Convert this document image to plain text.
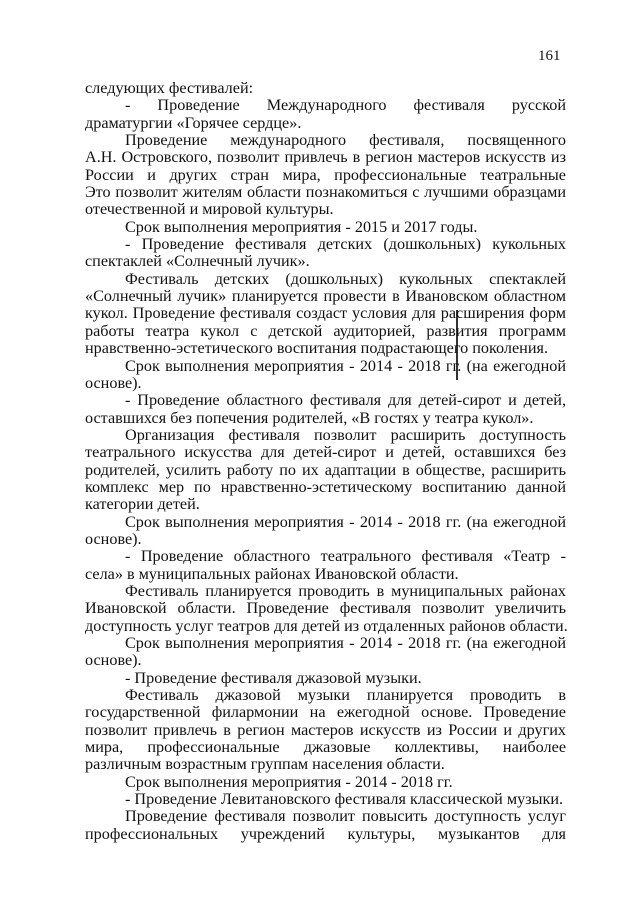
161
следующих фестивалей:
- Проведение Международного фестиваля русской
драматургии «Горячее сердце».
Проведение международного фестиваля, посвященного
А.Н. Островского, позволит привлечь в регион мастеров искусств из
России и других стран мира, профессиональные театральные
Это позволит жителям области познакомиться с лучшими образцами
отечественной и мировой культуры.
Срок выполнения мероприятия - 2015 и 2017 годы.
- Проведение фестиваля детских (дошкольных) кукольных
спектаклей «Солнечный лучик».
Фестиваль детских (дошкольных) кукольных спектаклей
«Солнечный лучик» планируется провести в Ивановском областном
кукол. Проведение фестиваля создаст условия для расширения форм
работы театра кукол с детской аудиторией, развития программ
нравственно-эстетического воспитания подрастающего поколения.
Срок выполнения мероприятия - 2014 - 2018 гг. (на ежегодной
основе).
- Проведение областного фестиваля для детей-сирот и детей,
оставшихся без попечения родителей, «В гостях у театра кукол».
Организация фестиваля позволит расширить доступность
театрального искусства для детей-сирот и детей, оставшихся без
родителей, усилить работу по их адаптации в обществе, расширить
комплекс мер по нравственно-эстетическому воспитанию данной
категории детей.
Срок выполнения мероприятия - 2014 - 2018 гг. (на ежегодной
основе).
- Проведение областного театрального фестиваля «Театр -
села» в муниципальных районах Ивановской области.
Фестиваль планируется проводить в муниципальных районах
Ивановской области. Проведение фестиваля позволит увеличить
доступность услуг театров для детей из отдаленных районов области.
Срок выполнения мероприятия - 2014 - 2018 гг. (на ежегодной
основе).
- Проведение фестиваля джазовой музыки.
Фестиваль джазовой музыки планируется проводить в
государственной филармонии на ежегодной основе. Проведение
позволит привлечь в регион мастеров искусств из России и других
мира, профессиональные джазовые коллективы, наиболее
различным возрастным группам населения области.
Срок выполнения мероприятия - 2014 - 2018 гг.
- Проведение Левитановского фестиваля классической музыки.
Проведение фестиваля позволит повысить доступность услуг
профессиональных учреждений культуры, музыкантов для
